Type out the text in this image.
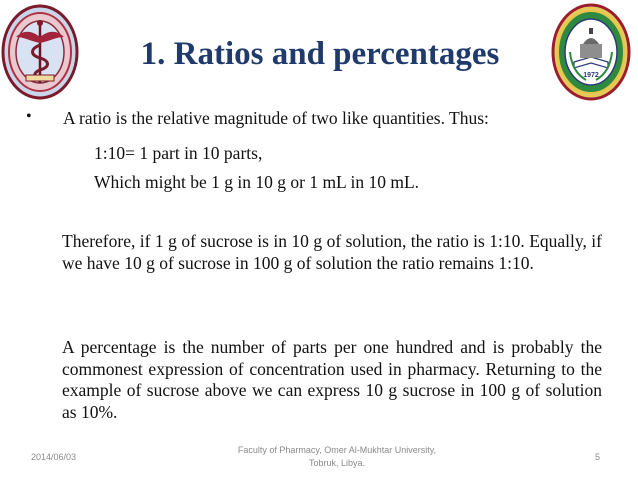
1. Ratios and percentages
1972
• A ratio is the relative magnitude of two like quantities. Thus:
1:10= 1 part in 10 parts,
Which might be 1 g in 10 g or 1 mL in 10 mL.
Therefore, if 1 g of sucrose is in 10 g of solution, the ratio is 1:10. Equally, if we have 10 g of sucrose in 100 g of solution the ratio remains 1:10.
A percentage is the number of parts per one hundred and is probably the commonest expression of concentration used in pharmacy. Returning to the example of sucrose above we can express 10 g sucrose in 100 g of solution as 10%.
2014/06/03
Faculty of Pharmacy, Omer Al-Mukhtar University,
Tobruk, Libya.
5
